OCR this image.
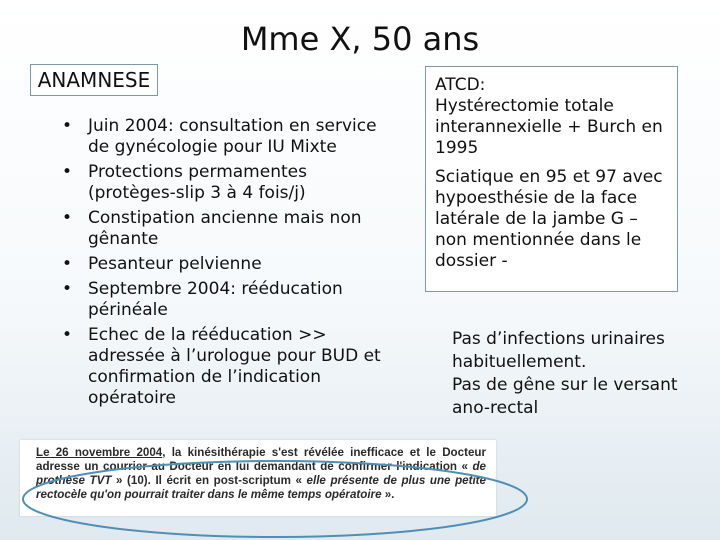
Mme X, 50 ans
ANAMNESE
• Juin 2004: consultation en service de gynécologie pour IU Mixte
• Protections permamentes (protèges-slip 3 à 4 fois/j)
• Constipation ancienne mais non gênante
• Pesanteur pelvienne
• Septembre 2004: rééducation périnéale
• Echec de la rééducation >> adressée à l’urologue pour BUD et confirmation de l’indication opératoire

ATCD:

Hystérectomie totale interannexielle + Burch en 1995

Sciatique en 95 et 97 avec hypoesthésie de la face latérale de la jambe G – non mentionnée dans le dossier -

Pas d’infections urinaires habituellement.

Pas de gêne sur le versant ano-rectal

Le 26 novembre 2004, la kinésithérapie s'est révélée inefficace et le Docteur adresse un courrier au Docteur en lui demandant de confirmer l'indication « de prothèse TVT » (10). Il écrit en post-scriptum « elle présente de plus une petite rectocèle qu'on pourrait traiter dans le même temps opératoire ».
